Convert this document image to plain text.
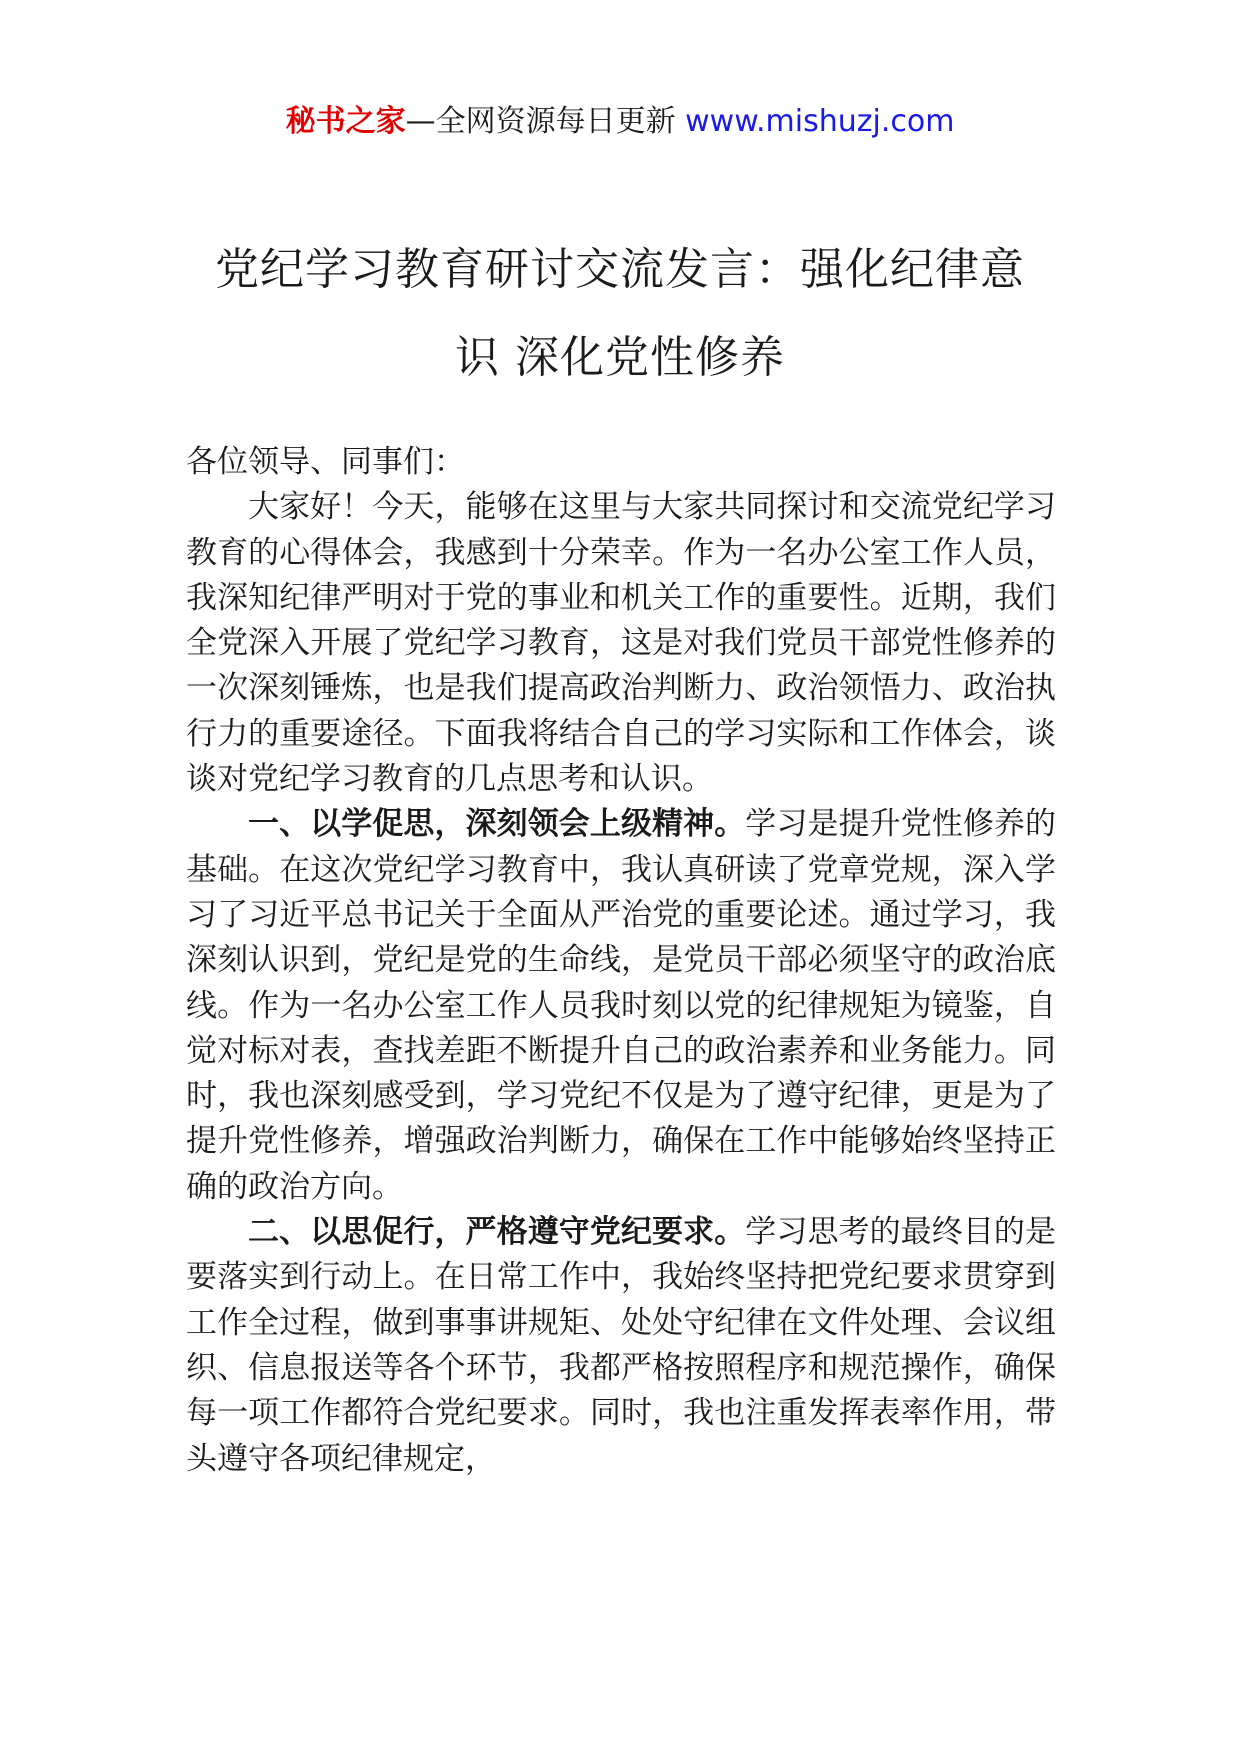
秘书之家—全网资源每日更新 www.mishuzj.com
党纪学习教育研讨交流发言：强化纪律意
识 深化党性修养

各位领导、同事们：

大家好！今天，能够在这里与大家共同探讨和交流党纪学习教育的心得体会，我感到十分荣幸。作为一名办公室工作人员，我深知纪律严明对于党的事业和机关工作的重要性。近期，我们全党深入开展了党纪学习教育，这是对我们党员干部党性修养的一次深刻锤炼，也是我们提高政治判断力、政治领悟力、政治执行力的重要途径。下面我将结合自己的学习实际和工作体会，谈谈对党纪学习教育的几点思考和认识。

一、以学促思，深刻领会上级精神。学习是提升党性修养的基础。在这次党纪学习教育中，我认真研读了党章党规，深入学习了习近平总书记关于全面从严治党的重要论述。通过学习，我深刻认识到，党纪是党的生命线，是党员干部必须坚守的政治底线。作为一名办公室工作人员我时刻以党的纪律规矩为镜鉴，自觉对标对表，查找差距不断提升自己的政治素养和业务能力。同时，我也深刻感受到，学习党纪不仅是为了遵守纪律，更是为了提升党性修养，增强政治判断力，确保在工作中能够始终坚持正确的政治方向。

二、以思促行，严格遵守党纪要求。学习思考的最终目的是要落实到行动上。在日常工作中，我始终坚持把党纪要求贯穿到工作全过程，做到事事讲规矩、处处守纪律在文件处理、会议组织、信息报送等各个环节，我都严格按照程序和规范操作，确保每一项工作都符合党纪要求。同时，我也注重发挥表率作用，带头遵守各项纪律规定，
